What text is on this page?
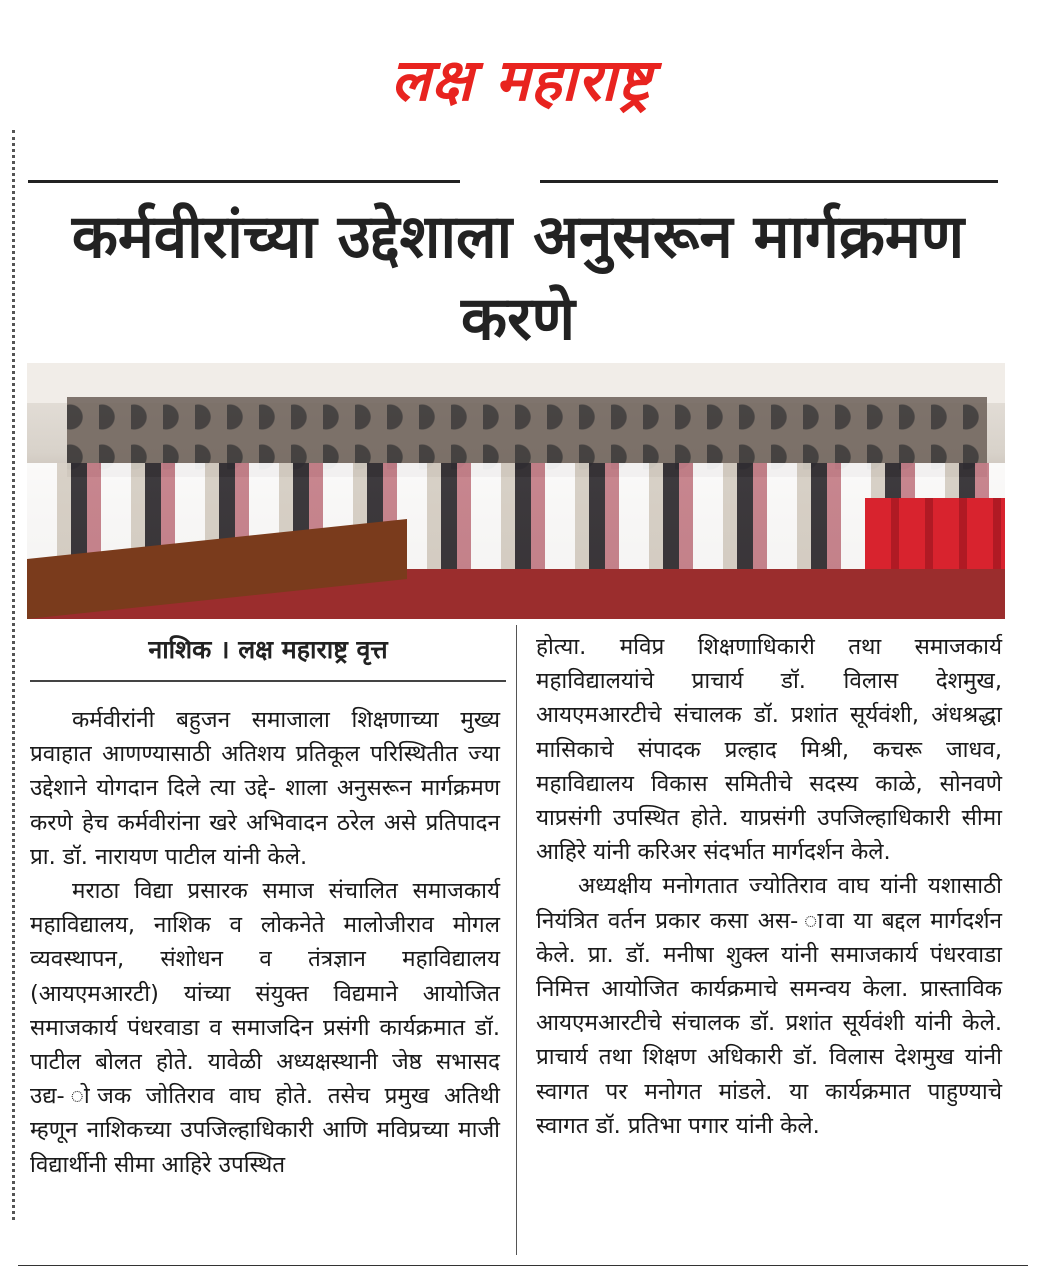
लक्ष महाराष्ट्र
कर्मवीरांच्या उद्देशाला अनुसरून मार्गक्रमण करणे
नाशिक । लक्ष महाराष्ट्र वृत्त

कर्मवीरांनी बहुजन समाजाला शिक्षणाच्या मुख्य प्रवाहात आणण्यासाठी अतिशय प्रतिकूल परिस्थितीत ज्या उद्देशाने योगदान दिले त्या उद्दे- शाला अनुसरून मार्गक्रमण करणे हेच कर्मवीरांना खरे अभिवादन ठरेल असे प्रतिपादन प्रा. डॉ. नारायण पाटील यांनी केले.

मराठा विद्या प्रसारक समाज संचालित समाजकार्य महाविद्यालय, नाशिक व लोकनेते मालोजीराव मोगल व्यवस्थापन, संशोधन व तंत्रज्ञान महाविद्यालय (आयएमआरटी) यांच्या संयुक्त विद्यमाने आयोजित समाजकार्य पंधरवाडा व समाजदिन प्रसंगी कार्यक्रमात डॉ. पाटील बोलत होते. यावेळी अध्यक्षस्थानी जेष्ठ सभासद उद्य- ोजक जोतिराव वाघ होते. तसेच प्रमुख अतिथी म्हणून नाशिकच्या उपजिल्हाधिकारी आणि मविप्रच्या माजी विद्यार्थीनी सीमा आहिरे उपस्थित

होत्या. मविप्र शिक्षणाधिकारी तथा समाजकार्य महाविद्यालयांचे प्राचार्य डॉ. विलास देशमुख, आयएमआरटीचे संचालक डॉ. प्रशांत सूर्यवंशी, अंधश्रद्धा मासिकाचे संपादक प्रल्हाद मिश्री, कचरू जाधव, महाविद्यालय विकास समितीचे सदस्य काळे, सोनवणे याप्रसंगी उपस्थित होते. याप्रसंगी उपजिल्हाधिकारी सीमा आहिरे यांनी करिअर संदर्भात मार्गदर्शन केले.

अध्यक्षीय मनोगतात ज्योतिराव वाघ यांनी यशासाठी नियंत्रित वर्तन प्रकार कसा अस- ावा या बद्दल मार्गदर्शन केले. प्रा. डॉ. मनीषा शुक्ल यांनी समाजकार्य पंधरवाडा निमित्त आयोजित कार्यक्रमाचे समन्वय केला. प्रास्ताविक आयएमआरटीचे संचालक डॉ. प्रशांत सूर्यवंशी यांनी केले. प्राचार्य तथा शिक्षण अधिकारी डॉ. विलास देशमुख यांनी स्वागत पर मनोगत मांडले. या कार्यक्रमात पाहुण्याचे स्वागत डॉ. प्रतिभा पगार यांनी केले.
